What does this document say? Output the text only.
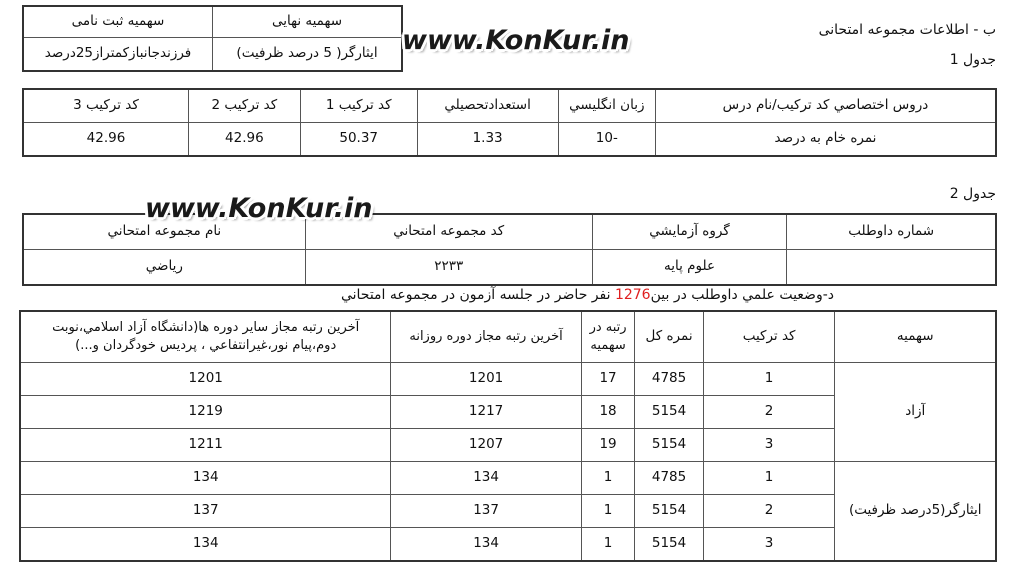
سهمیه نهایی	سهمیه ثبت نامی
ایثارگر( 5 درصد ظرفیت)	فرزندجانبازکمتراز25درصد
ب - اطلاعات مجموعه امتحانی
جدول 1
دروس اختصاصي كد تركيب/نام درس	زبان انگليسي	استعدادتحصيلي	كد تركيب 1	كد تركيب 2	كد تركيب 3
نمره خام به درصد	-10	1.33	50.37	42.96	42.96
جدول 2
شماره داوطلب	گروه آزمايشي	كد مجموعه امتحاني	نام مجموعه امتحاني
	علوم پايه	۲۲۳۳	رياضي
د-وضعيت علمي داوطلب در بين1276 نفر حاضر در جلسه آزمون در مجموعه امتحاني
سهميه	كد تركيب	نمره كل	رتبه در سهميه	آخرين رتبه مجاز دوره روزانه	آخرين رتبه مجاز ساير دوره ها(دانشگاه آزاد اسلامي،نوبت دوم،پيام نور،غيرانتفاعي ، پرديس خودگردان و...)
آزاد	1	4785	17	1201	1201
	2	5154	18	1217	1219
	3	5154	19	1207	1211
ایثارگر(5درصد ظرفیت)	1	4785	1	134	134
	2	5154	1	137	137
	3	5154	1	134	134
www.KonKur.in
www.KonKur.in
